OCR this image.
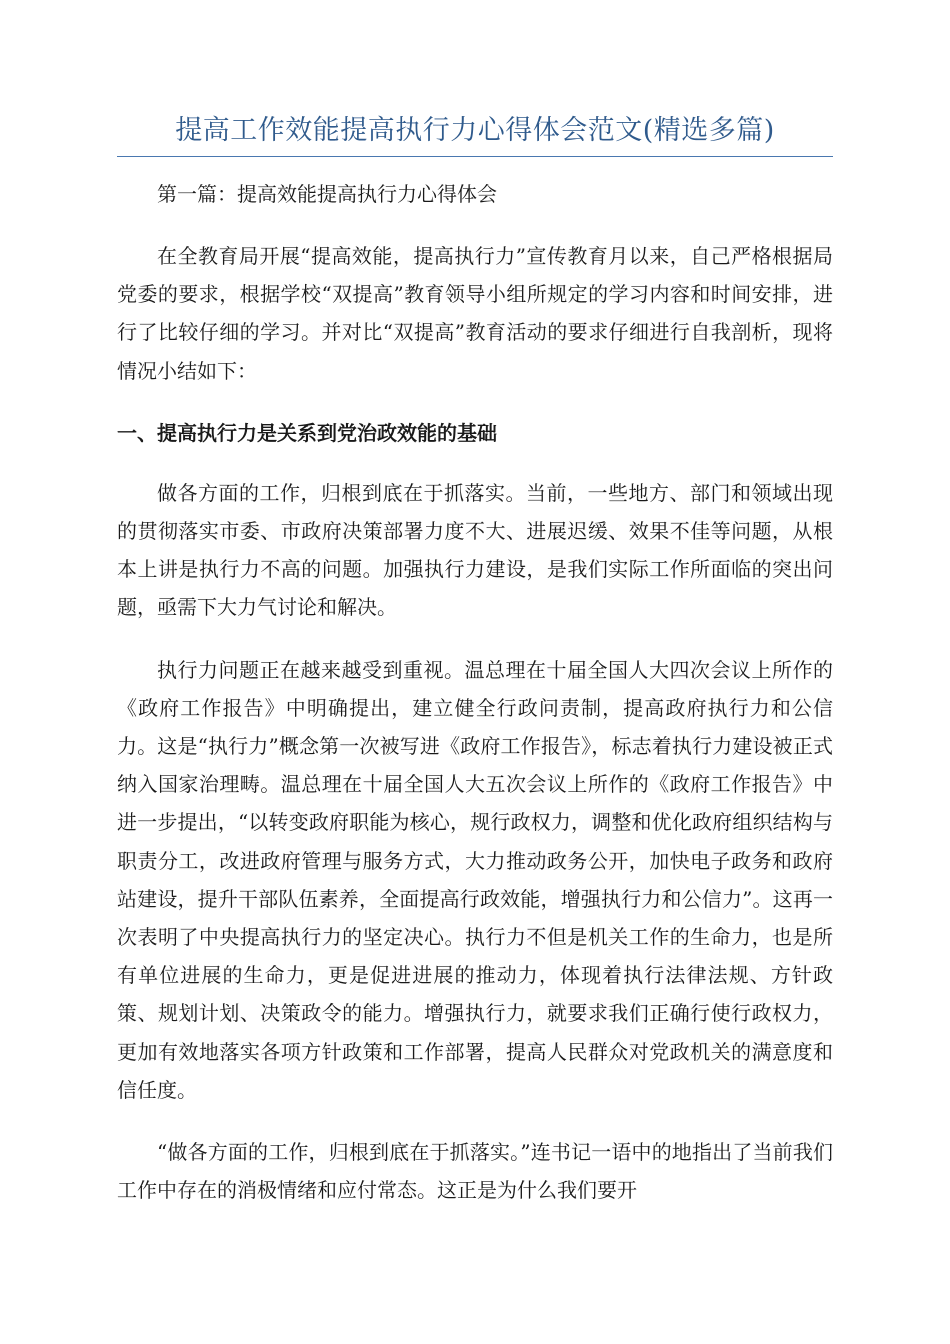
提高工作效能提高执行力心得体会范文(精选多篇)
第一篇：提高效能提高执行力心得体会

在全教育局开展“提高效能，提高执行力”宣传教育月以来，自己严格根据局党委的要求，根据学校“双提高”教育领导小组所规定的学习内容和时间安排，进行了比较仔细的学习。并对比“双提高”教育活动的要求仔细进行自我剖析，现将情况小结如下：

一、提高执行力是关系到党治政效能的基础

做各方面的工作，归根到底在于抓落实。当前，一些地方、部门和领域出现的贯彻落实市委、市政府决策部署力度不大、进展迟缓、效果不佳等问题，从根本上讲是执行力不高的问题。加强执行力建设，是我们实际工作所面临的突出问题，亟需下大力气讨论和解决。

执行力问题正在越来越受到重视。温总理在十届全国人大四次会议上所作的《政府工作报告》中明确提出，建立健全行政问责制，提高政府执行力和公信力。这是“执行力”概念第一次被写进《政府工作报告》，标志着执行力建设被正式纳入国家治理畴。温总理在十届全国人大五次会议上所作的《政府工作报告》中进一步提出，“以转变政府职能为核心，规行政权力，调整和优化政府组织结构与职责分工，改进政府管理与服务方式，大力推动政务公开，加快电子政务和政府站建设，提升干部队伍素养，全面提高行政效能，增强执行力和公信力”。这再一次表明了中央提高执行力的坚定决心。执行力不但是机关工作的生命力，也是所有单位进展的生命力，更是促进进展的推动力，体现着执行法律法规、方针政策、规划计划、决策政令的能力。增强执行力，就要求我们正确行使行政权力，更加有效地落实各项方针政策和工作部署，提高人民群众对党政机关的满意度和信任度。

“做各方面的工作，归根到底在于抓落实。”连书记一语中的地指出了当前我们工作中存在的消极情绪和应付常态。这正是为什么我们要开
